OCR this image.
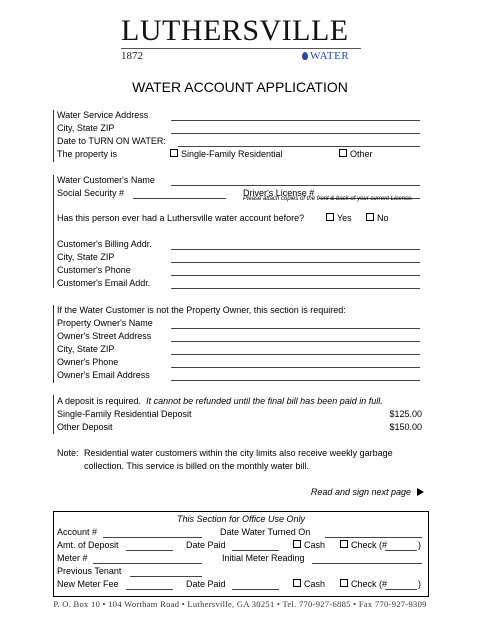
LUTHERSVILLE
1872	WATER
WATER ACCOUNT APPLICATION
Water Service Address
City, State ZIP
Date to TURN ON WATER:
The property is	Single-Family Residential	Other
Water Customer's Name
Social Security #	Driver's License #
Please attach copies of the front & back of your current License.
Has this person ever had a Luthersville water account before?	Yes	No
Customer's Billing Addr.
City, State ZIP
Customer's Phone
Customer's Email Addr.
If the Water Customer is not the Property Owner, this section is required:
Property Owner's Name
Owner's Street Address
City, State ZIP
Owner's Phone
Owner's Email Address
A deposit is required. It cannot be refunded until the final bill has been paid in full.
Single-Family Residential Deposit	$125.00
Other Deposit	$150.00
Note: Residential water customers within the city limits also receive weekly garbage
collection. This service is billed on the monthly water bill.
Read and sign next page
This Section for Office Use Only
Account #	Date Water Turned On
Amt. of Deposit	Date Paid	Cash	Check (#	)
Meter #	Initial Meter Reading
Previous Tenant
New Meter Fee	Date Paid	Cash	Check (#	)
P. O. Box 10 • 104 Wortham Road • Luthersville, GA 30251 • Tel. 770-927-6885 • Fax 770-927-9309
